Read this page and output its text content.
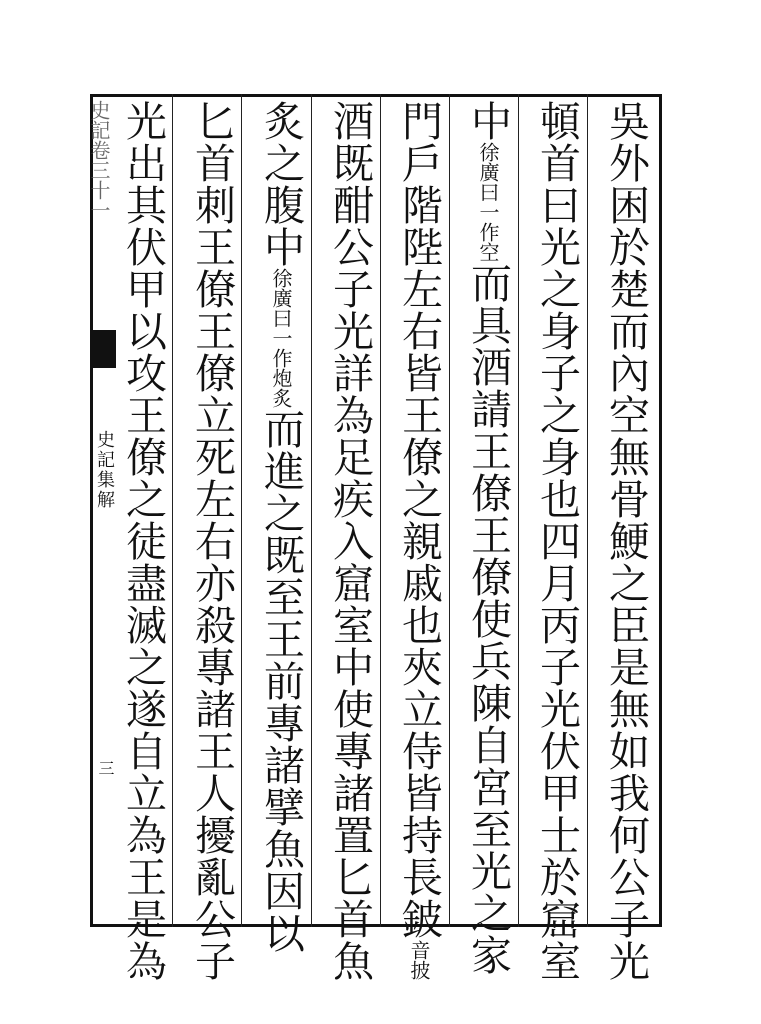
史記卷三十一
史記集解
三	吳外困於楚而內空無骨鯁之臣是無如我何公子光
頓首曰光之身子之身也四月丙子光伏甲士於窟室
中徐廣曰一作空而具酒請王僚王僚使兵陳自宮至光之家
門戶階陛左右皆王僚之親戚也夾立侍皆持長鈹音披
酒既酣公子光詳為足疾入窟室中使專諸置匕首魚
炙之腹中徐廣曰一作炮炙而進之既至王前專諸擘魚因以
匕首刺王僚王僚立死左右亦殺專諸王人擾亂公子
光出其伏甲以攻王僚之徒盡滅之遂自立為王是為
